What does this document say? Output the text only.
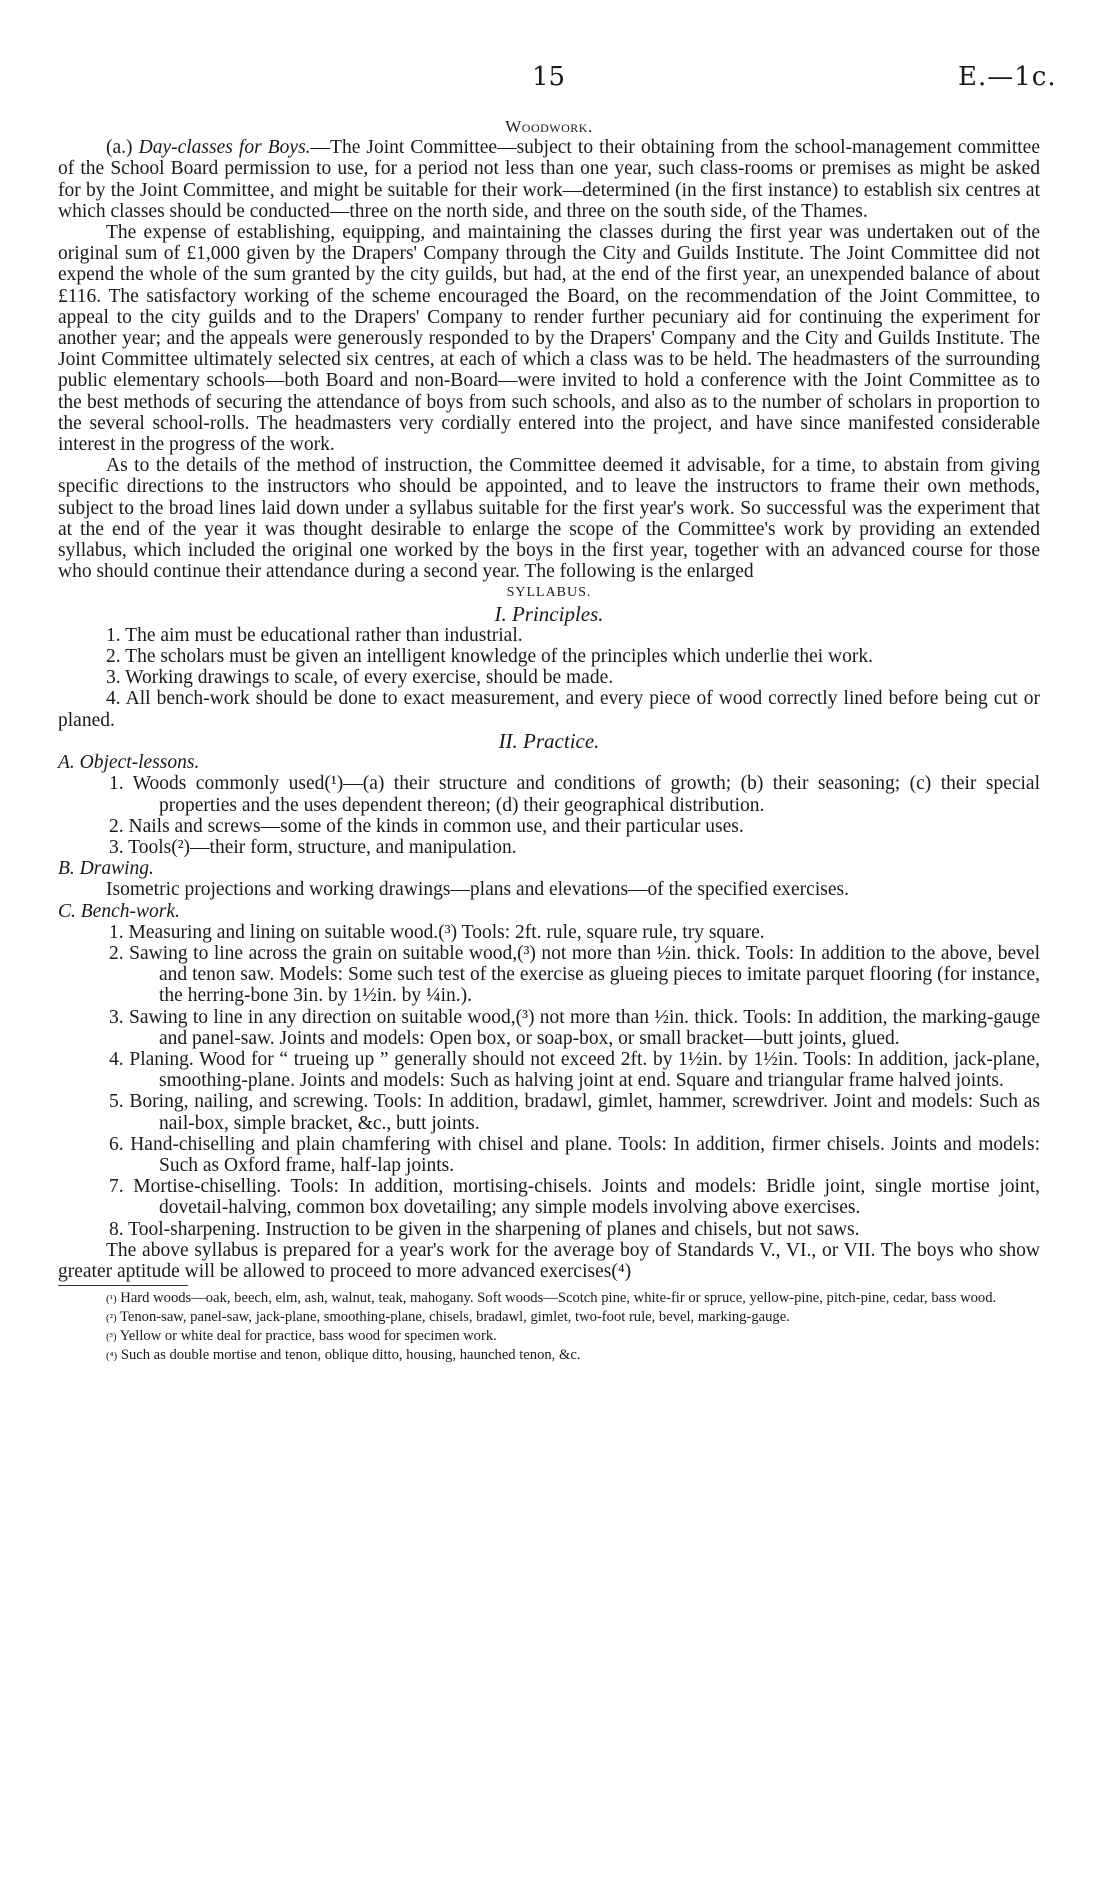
15	E.—1c.

Woodwork.

(a.) Day-classes for Boys.—The Joint Committee—subject to their obtaining from the school-management committee of the School Board permission to use, for a period not less than one year, such class-rooms or premises as might be asked for by the Joint Committee, and might be suitable for their work—determined (in the first instance) to establish six centres at which classes should be conducted—three on the north side, and three on the south side, of the Thames.

The expense of establishing, equipping, and maintaining the classes during the first year was undertaken out of the original sum of £1,000 given by the Drapers' Company through the City and Guilds Institute. The Joint Committee did not expend the whole of the sum granted by the city guilds, but had, at the end of the first year, an unexpended balance of about £116. The satisfactory working of the scheme encouraged the Board, on the recommendation of the Joint Committee, to appeal to the city guilds and to the Drapers' Company to render further pecuniary aid for continuing the experiment for another year; and the appeals were generously responded to by the Drapers' Company and the City and Guilds Institute. The Joint Committee ultimately selected six centres, at each of which a class was to be held. The headmasters of the surrounding public elementary schools—both Board and non-Board—were invited to hold a conference with the Joint Committee as to the best methods of securing the attendance of boys from such schools, and also as to the number of scholars in proportion to the several school-rolls. The headmasters very cordially entered into the project, and have since manifested considerable interest in the progress of the work.

As to the details of the method of instruction, the Committee deemed it advisable, for a time, to abstain from giving specific directions to the instructors who should be appointed, and to leave the instructors to frame their own methods, subject to the broad lines laid down under a syllabus suitable for the first year's work. So successful was the experiment that at the end of the year it was thought desirable to enlarge the scope of the Committee's work by providing an extended syllabus, which included the original one worked by the boys in the first year, together with an advanced course for those who should continue their attendance during a second year. The following is the enlarged

SYLLABUS.

I. Principles.

1. The aim must be educational rather than industrial.

2. The scholars must be given an intelligent knowledge of the principles which underlie thei work.

3. Working drawings to scale, of every exercise, should be made.

4. All bench-work should be done to exact measurement, and every piece of wood correctly lined before being cut or planed.

II. Practice.

A. Object-lessons.

1. Woods commonly used(¹)—(a) their structure and conditions of growth; (b) their seasoning; (c) their special properties and the uses dependent thereon; (d) their geographical distribution.

2. Nails and screws—some of the kinds in common use, and their particular uses.

3. Tools(²)—their form, structure, and manipulation.

B. Drawing.

Isometric projections and working drawings—plans and elevations—of the specified exercises.

C. Bench-work.

1. Measuring and lining on suitable wood.(³) Tools: 2ft. rule, square rule, try square.

2. Sawing to line across the grain on suitable wood,(³) not more than ½in. thick. Tools: In addition to the above, bevel and tenon saw. Models: Some such test of the exercise as glueing pieces to imitate parquet flooring (for instance, the herring-bone 3in. by 1½in. by ¼in.).

3. Sawing to line in any direction on suitable wood,(³) not more than ½in. thick. Tools: In addition, the marking-gauge and panel-saw. Joints and models: Open box, or soap-box, or small bracket—butt joints, glued.

4. Planing. Wood for “ trueing up ” generally should not exceed 2ft. by 1½in. by 1½in. Tools: In addition, jack-plane, smoothing-plane. Joints and models: Such as halving joint at end. Square and triangular frame halved joints.

5. Boring, nailing, and screwing. Tools: In addition, bradawl, gimlet, hammer, screwdriver. Joint and models: Such as nail-box, simple bracket, &c., butt joints.

6. Hand-chiselling and plain chamfering with chisel and plane. Tools: In addition, firmer chisels. Joints and models: Such as Oxford frame, half-lap joints.

7. Mortise-chiselling. Tools: In addition, mortising-chisels. Joints and models: Bridle joint, single mortise joint, dovetail-halving, common box dovetailing; any simple models involving above exercises.

8. Tool-sharpening. Instruction to be given in the sharpening of planes and chisels, but not saws.

The above syllabus is prepared for a year's work for the average boy of Standards V., VI., or VII. The boys who show greater aptitude will be allowed to proceed to more advanced exercises(⁴)

(¹) Hard woods—oak, beech, elm, ash, walnut, teak, mahogany. Soft woods—Scotch pine, white-fir or spruce, yellow-pine, pitch-pine, cedar, bass wood.

(²) Tenon-saw, panel-saw, jack-plane, smoothing-plane, chisels, bradawl, gimlet, two-foot rule, bevel, marking-gauge.

(³) Yellow or white deal for practice, bass wood for specimen work.

(⁴) Such as double mortise and tenon, oblique ditto, housing, haunched tenon, &c.
